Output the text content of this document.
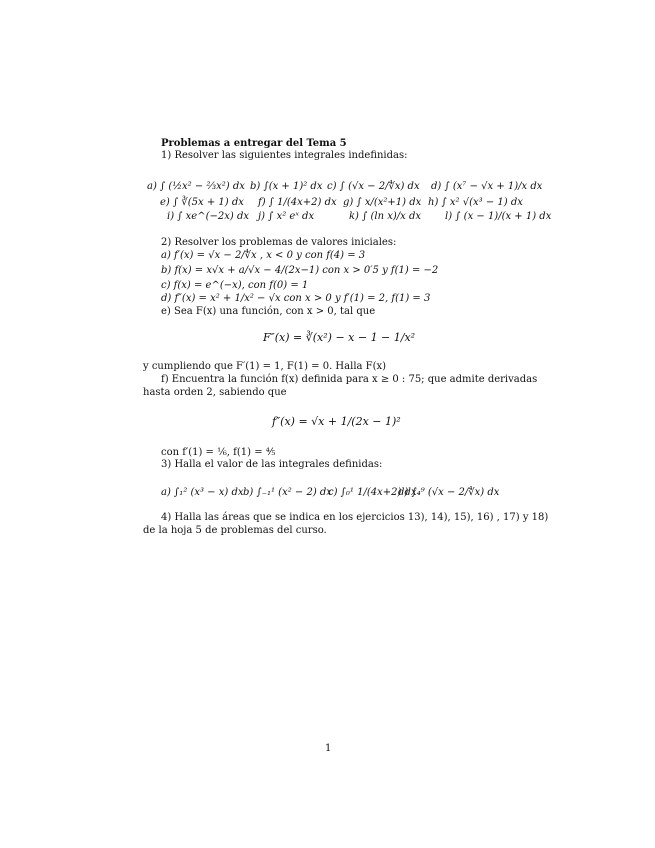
Problemas a entregar del Tema 5
1) Resolver las siguientes integrales indefinidas:
a) ∫ (½x² − ⅔x²) dx b) ∫(x + 1)² dx c) ∫ (√x − 2/∜x) dx d) ∫ (x⁷ − √x + 1)/x dx
e) ∫ ∛(5x + 1) dx f) ∫ 1/(4x+2) dx g) ∫ x/(x²+1) dx h) ∫ x² √(x³ − 1) dx
i) ∫ xe^(−2x) dx j) ∫ x² eˣ dx	k) ∫ (ln x)/x dx l) ∫ (x − 1)/(x + 1) dx
2) Resolver los problemas de valores iniciales:
a) f′(x) = √x − 2/∜x , x < 0 y con f(4) = 3
b) f(x) = x√x + a/√x − 4/(2x−1) con x > 0′5 y f(1) = −2
c) f(x) = e^(−x), con f(0) = 1
d) f″(x) = x² + 1/x² − √x con x > 0 y f′(1) = 2, f(1) = 3
e) Sea F(x) una función, con x > 0, tal que
F″(x) = ∛(x²) − x − 1 − 1/x²
y cumpliendo que F′(1) = 1, F(1) = 0. Halla F(x)
f) Encuentra la función f(x) definida para x ≥ 0 : 75; que admite derivadas
hasta orden 2, sabiendo que
f″(x) = √x + 1/(2x − 1)²
con f′(1) = ⅙, f(1) = ⅘
3) Halla el valor de las integrales definidas:
a) ∫₁² (x³ − x) dx b) ∫₋₁¹ (x² − 2) dx
c) ∫₀¹ 1/(4x+2) dx
d) ∫₄⁹ (√x − 2/∜x) dx
4) Halla las áreas que se indica en los ejercicios 13), 14), 15), 16) , 17) y 18)
de la hoja 5 de problemas del curso.
1
